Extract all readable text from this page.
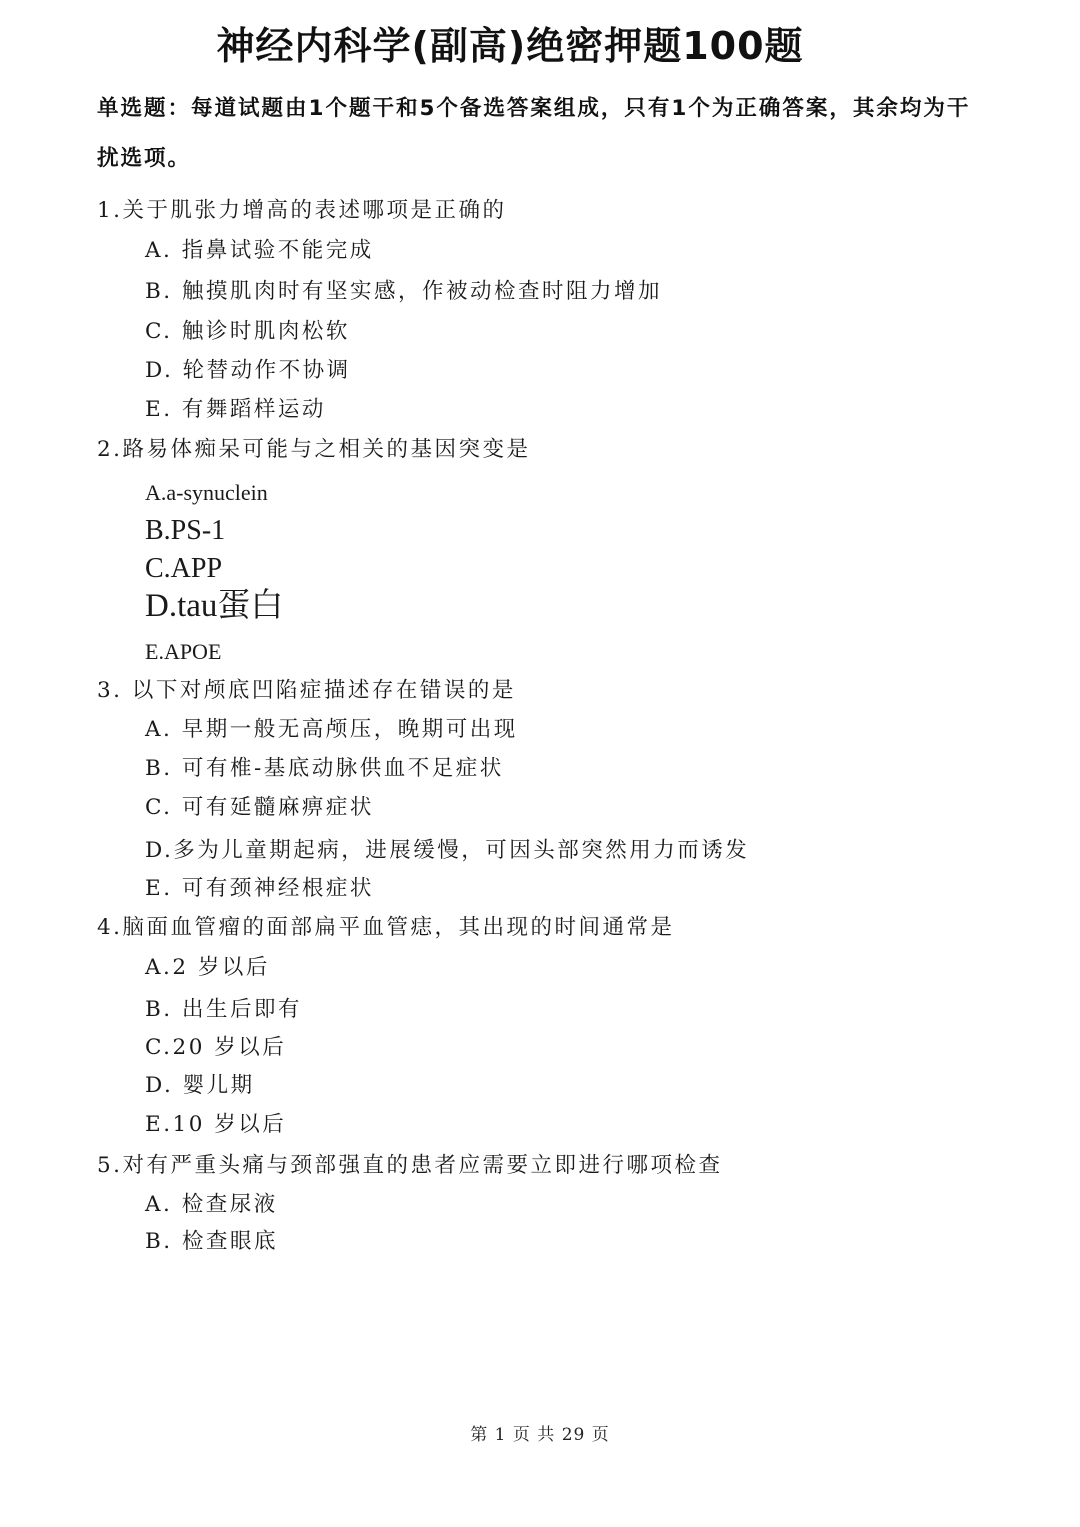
神经内科学(副高)绝密押题100题
单选题：每道试题由1个题干和5个备选答案组成，只有1个为正确答案，其余均为干扰选项。
1.关于肌张力增高的表述哪项是正确的
A. 指鼻试验不能完成
B. 触摸肌肉时有坚实感，作被动检查时阻力增加
C. 触诊时肌肉松软
D. 轮替动作不协调
E. 有舞蹈样运动
2.路易体痴呆可能与之相关的基因突变是
A.a-synuclein
B.PS-1
C.APP
D.tau蛋白
E.APOE
3. 以下对颅底凹陷症描述存在错误的是
A. 早期一般无高颅压，晚期可出现
B. 可有椎-基底动脉供血不足症状
C. 可有延髓麻痹症状
D.多为儿童期起病，进展缓慢，可因头部突然用力而诱发
E. 可有颈神经根症状
4.脑面血管瘤的面部扁平血管痣，其出现的时间通常是
A.2 岁以后
B. 出生后即有
C.20 岁以后
D. 婴儿期
E.10 岁以后
5.对有严重头痛与颈部强直的患者应需要立即进行哪项检查
A. 检查尿液
B. 检查眼底
第 1 页 共 29 页
